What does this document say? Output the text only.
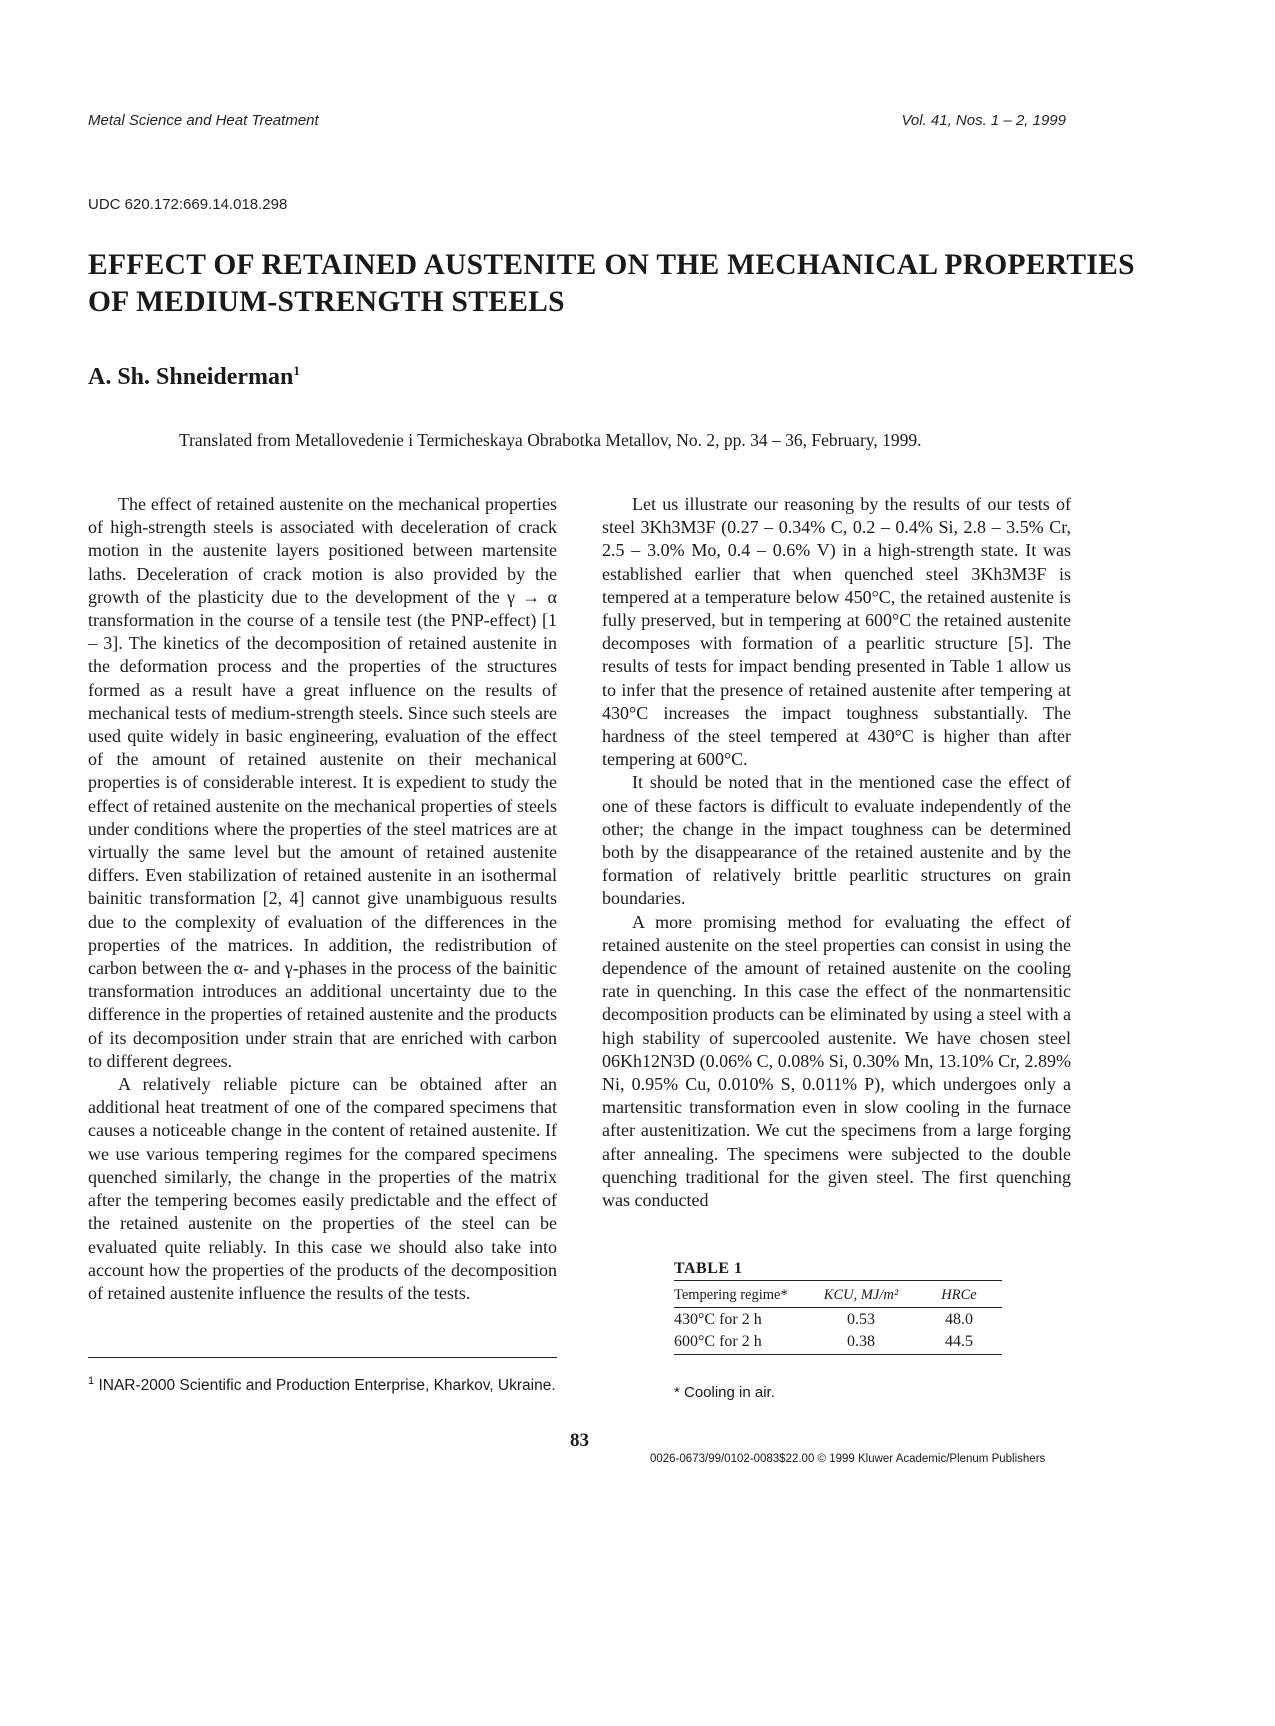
Metal Science and Heat Treatment	Vol. 41, Nos. 1 – 2, 1999
UDC 620.172:669.14.018.298
EFFECT OF RETAINED AUSTENITE ON THE MECHANICAL PROPERTIES
OF MEDIUM-STRENGTH STEELS
A. Sh. Shneiderman$^1$
Translated from Metallovedenie i Termicheskaya Obrabotka Metallov, No. 2, pp. 34 – 36, February, 1999.

The effect of retained austenite on the mechanical properties of high-strength steels is associated with deceleration of crack motion in the austenite layers positioned between martensite laths. Deceleration of crack motion is also provided by the growth of the plasticity due to the development of the γ → α transformation in the course of a tensile test (the PNP-effect) [1 – 3]. The kinetics of the decomposition of retained austenite in the deformation process and the properties of the structures formed as a result have a great influence on the results of mechanical tests of medium-strength steels. Since such steels are used quite widely in basic engineering, evaluation of the effect of the amount of retained austenite on their mechanical properties is of considerable interest. It is expedient to study the effect of retained austenite on the mechanical properties of steels under conditions where the properties of the steel matrices are at virtually the same level but the amount of retained austenite differs. Even stabilization of retained austenite in an isothermal bainitic transformation [2, 4] cannot give unambiguous results due to the complexity of evaluation of the differences in the properties of the matrices. In addition, the redistribution of carbon between the α- and γ-phases in the process of the bainitic transformation introduces an additional uncertainty due to the difference in the properties of retained austenite and the products of its decomposition under strain that are enriched with carbon to different degrees.

A relatively reliable picture can be obtained after an additional heat treatment of one of the compared specimens that causes a noticeable change in the content of retained austenite. If we use various tempering regimes for the compared specimens quenched similarly, the change in the properties of the matrix after the tempering becomes easily predictable and the effect of the retained austenite on the properties of the steel can be evaluated quite reliably. In this case we should also take into account how the properties of the products of the decomposition of retained austenite influence the results of the tests.

$^1$ INAR-2000 Scientific and Production Enterprise, Kharkov, Ukraine.

Let us illustrate our reasoning by the results of our tests of steel 3Kh3M3F (0.27 – 0.34% C, 0.2 – 0.4% Si, 2.8 – 3.5% Cr, 2.5 – 3.0% Mo, 0.4 – 0.6% V) in a high-strength state. It was established earlier that when quenched steel 3Kh3M3F is tempered at a temperature below 450°C, the retained austenite is fully preserved, but in tempering at 600°C the retained austenite decomposes with formation of a pearlitic structure [5]. The results of tests for impact bending presented in Table 1 allow us to infer that the presence of retained austenite after tempering at 430°C increases the impact toughness substantially. The hardness of the steel tempered at 430°C is higher than after tempering at 600°C.

It should be noted that in the mentioned case the effect of one of these factors is difficult to evaluate independently of the other; the change in the impact toughness can be determined both by the disappearance of the retained austenite and by the formation of relatively brittle pearlitic structures on grain boundaries.

A more promising method for evaluating the effect of retained austenite on the steel properties can consist in using the dependence of the amount of retained austenite on the cooling rate in quenching. In this case the effect of the nonmartensitic decomposition products can be eliminated by using a steel with a high stability of supercooled austenite. We have chosen steel 06Kh12N3D (0.06% C, 0.08% Si, 0.30% Mn, 13.10% Cr, 2.89% Ni, 0.95% Cu, 0.010% S, 0.011% P), which undergoes only a martensitic transformation even in slow cooling in the furnace after austenitization. We cut the specimens from a large forging after annealing. The specimens were subjected to the double quenching traditional for the given steel. The first quenching was conducted

TABLE 1
Tempering regime*	KCU, MJ/m²	HRCe
430°C for 2 h	0.53	48.0
600°C for 2 h	0.38	44.5
* Cooling in air.
83
0026-0673/99/0102-0083$22.00 © 1999 Kluwer Academic/Plenum Publishers
